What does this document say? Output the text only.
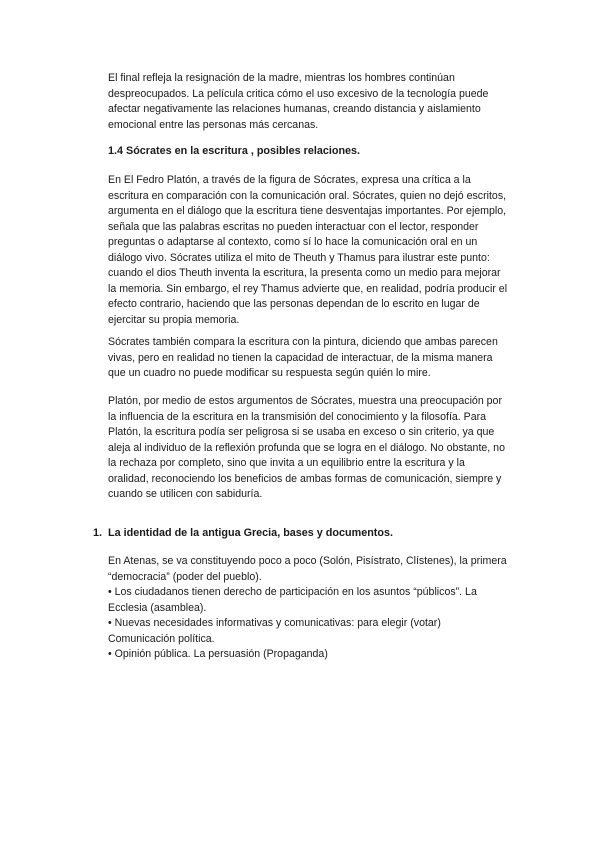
El final refleja la resignación de la madre, mientras los hombres continúan
despreocupados. La película critica cómo el uso excesivo de la tecnología puede
afectar negativamente las relaciones humanas, creando distancia y aislamiento
emocional entre las personas más cercanas.

1.4 Sócrates en la escritura , posibles relaciones.

En El Fedro Platón, a través de la figura de Sócrates, expresa una crítica a la
escritura en comparación con la comunicación oral. Sócrates, quien no dejó escritos,
argumenta en el diálogo que la escritura tiene desventajas importantes. Por ejemplo,
señala que las palabras escritas no pueden interactuar con el lector, responder
preguntas o adaptarse al contexto, como sí lo hace la comunicación oral en un
diálogo vivo. Sócrates utiliza el mito de Theuth y Thamus para ilustrar este punto:
cuando el dios Theuth inventa la escritura, la presenta como un medio para mejorar
la memoria. Sin embargo, el rey Thamus advierte que, en realidad, podría producir el
efecto contrario, haciendo que las personas dependan de lo escrito en lugar de
ejercitar su propia memoria.

Sócrates también compara la escritura con la pintura, diciendo que ambas parecen
vivas, pero en realidad no tienen la capacidad de interactuar, de la misma manera
que un cuadro no puede modificar su respuesta según quién lo mire.

Platón, por medio de estos argumentos de Sócrates, muestra una preocupación por
la influencia de la escritura en la transmisión del conocimiento y la filosofía. Para
Platón, la escritura podía ser peligrosa si se usaba en exceso o sin criterio, ya que
aleja al individuo de la reflexión profunda que se logra en el diálogo. No obstante, no
la rechaza por completo, sino que invita a un equilibrio entre la escritura y la
oralidad, reconociendo los beneficios de ambas formas de comunicación, siempre y
cuando se utilicen con sabiduría.

1. La identidad de la antigua Grecia, bases y documentos.

En Atenas, se va constituyendo poco a poco (Solón, Pisístrato, Clístenes), la primera
“democracia” (poder del pueblo).
• Los ciudadanos tienen derecho de participación en los asuntos “públicos”. La
Ecclesia (asamblea).
• Nuevas necesidades informativas y comunicativas: para elegir (votar)
Comunicación política.
• Opinión pública. La persuasión (Propaganda)
